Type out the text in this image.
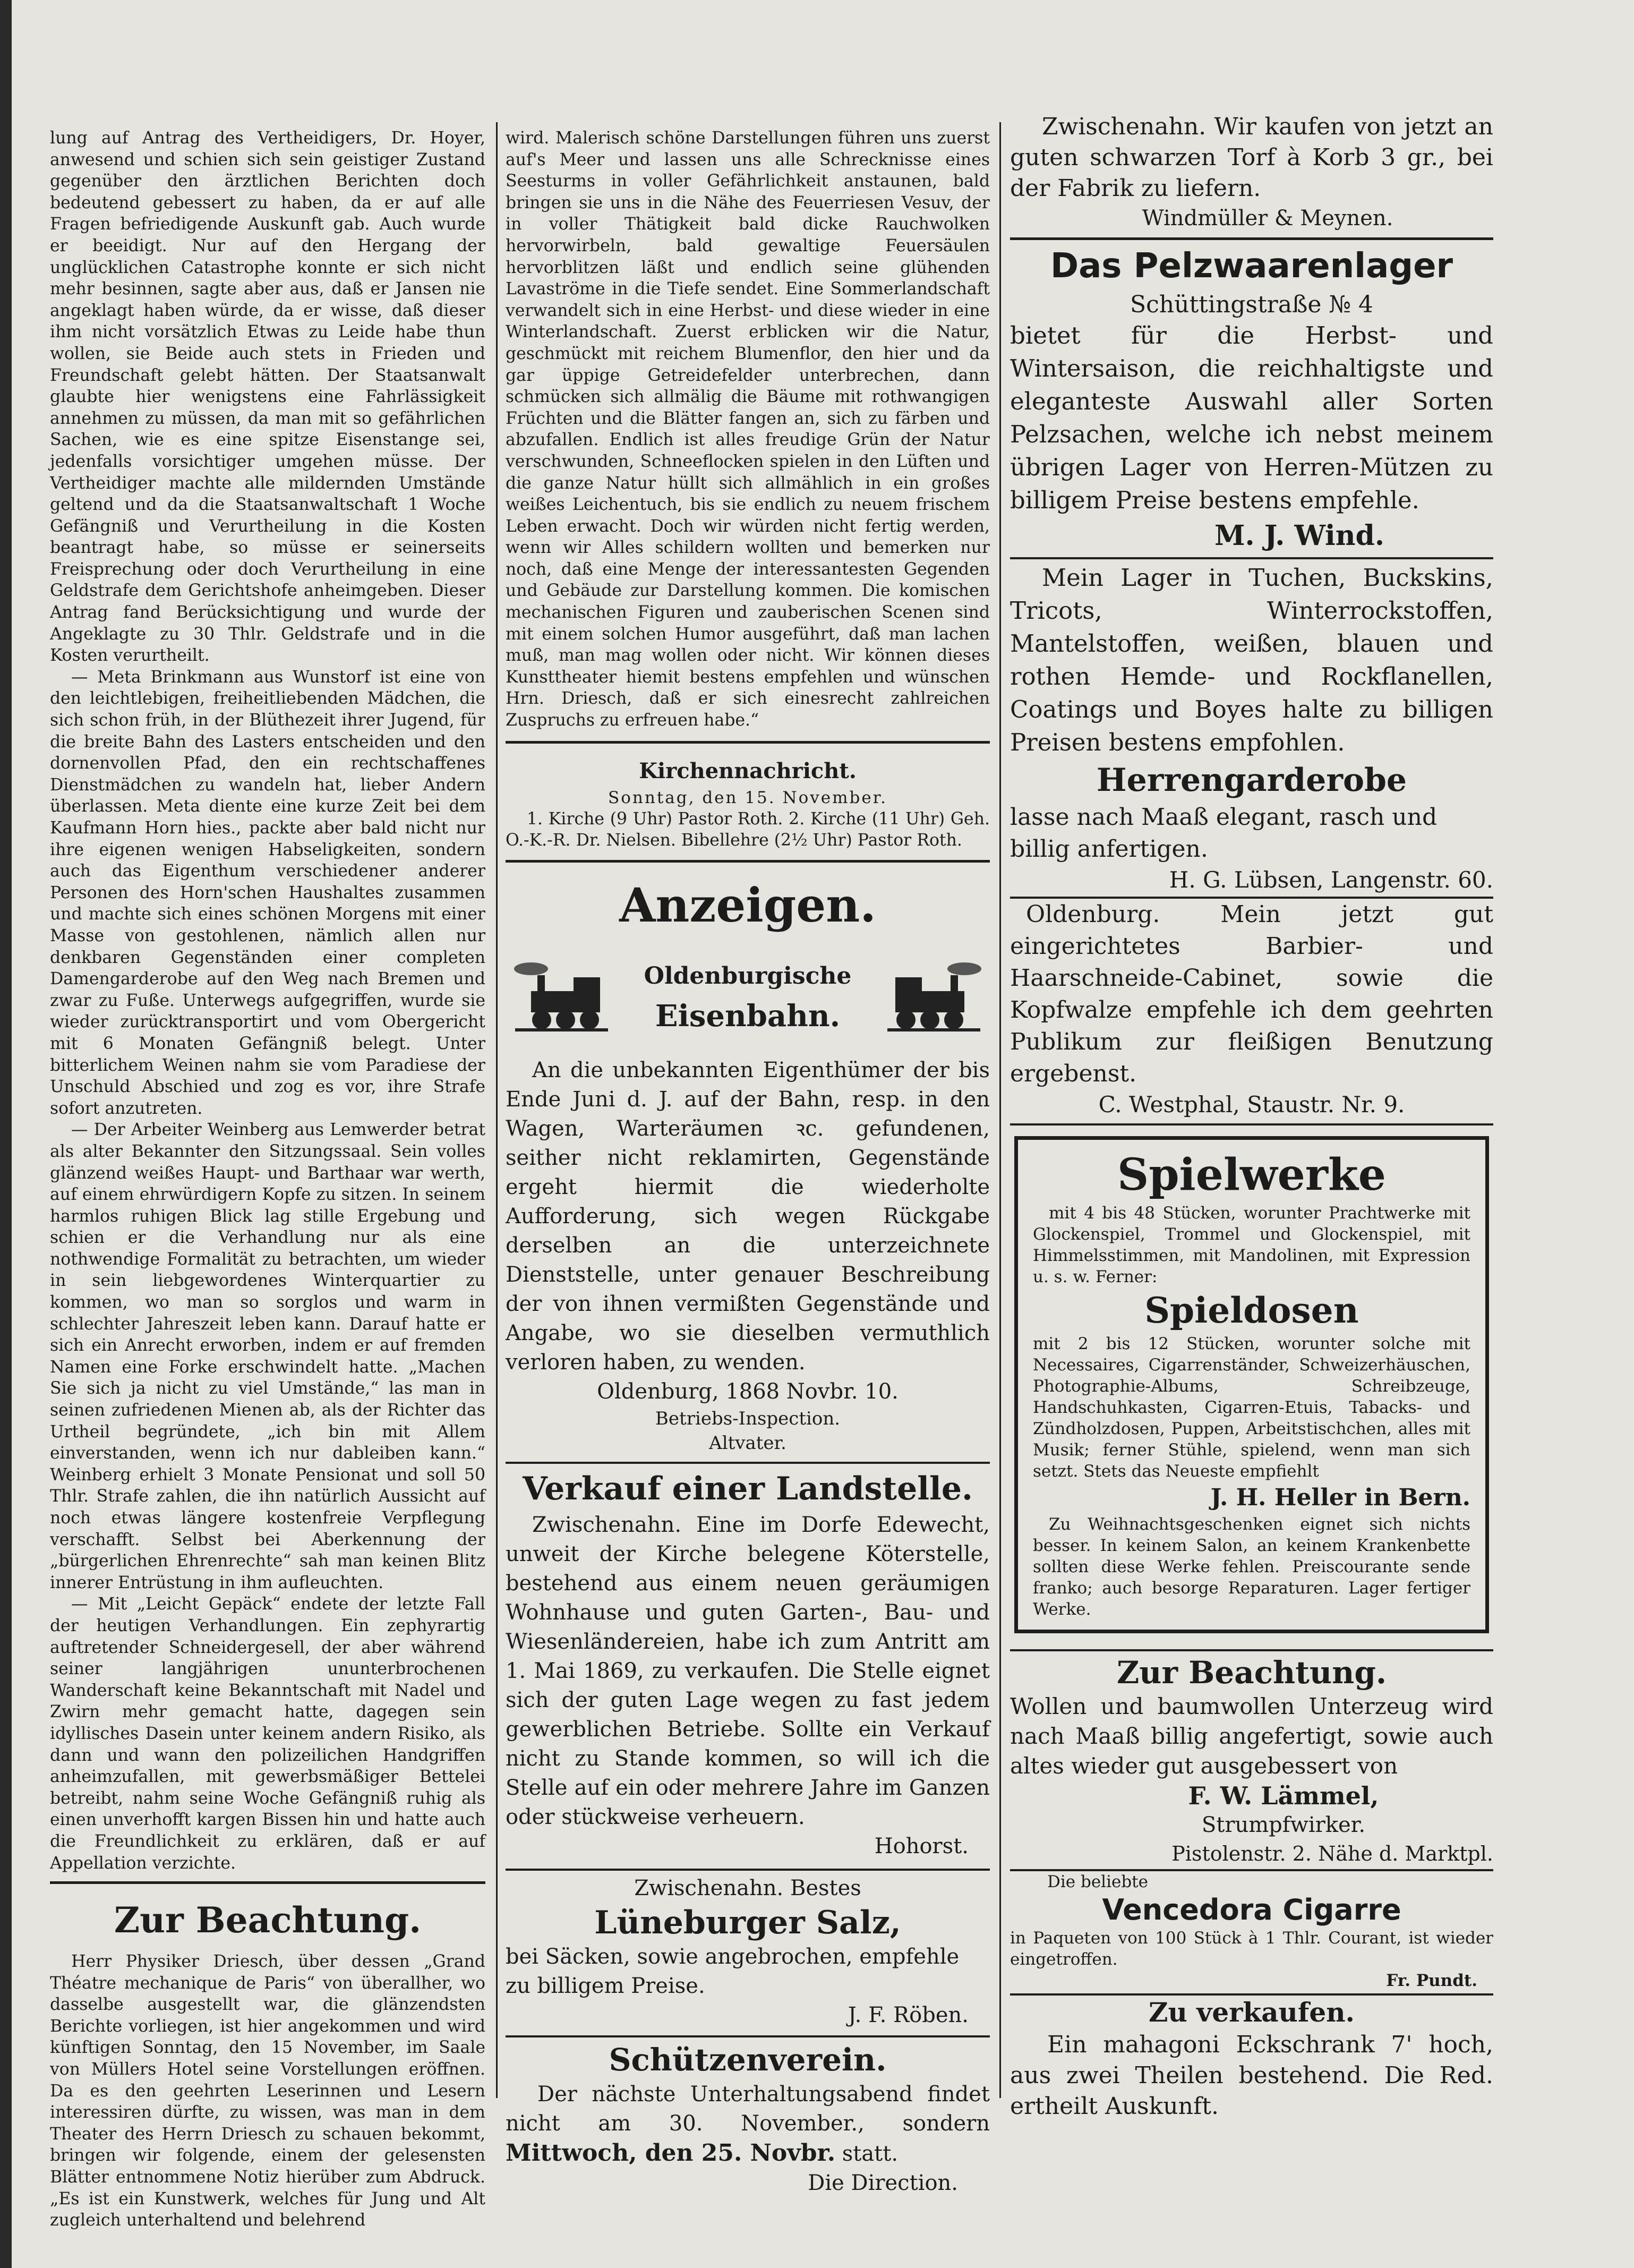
lung auf Antrag des Vertheidigers, Dr. Hoyer, anwesend und schien sich sein geistiger Zustand gegenüber den ärztlichen Berichten doch bedeutend gebessert zu haben, da er auf alle Fragen befriedigende Auskunft gab. Auch wurde er beeidigt. Nur auf den Hergang der unglücklichen Catastrophe konnte er sich nicht mehr besinnen, sagte aber aus, daß er Jansen nie angeklagt haben würde, da er wisse, daß dieser ihm nicht vorsätzlich Etwas zu Leide habe thun wollen, sie Beide auch stets in Frieden und Freundschaft gelebt hätten. Der Staatsanwalt glaubte hier wenigstens eine Fahrlässigkeit annehmen zu müssen, da man mit so gefährlichen Sachen, wie es eine spitze Eisenstange sei, jedenfalls vorsichtiger umgehen müsse. Der Vertheidiger machte alle mildernden Umstände geltend und da die Staatsanwaltschaft 1 Woche Gefängniß und Verurtheilung in die Kosten beantragt habe, so müsse er seinerseits Freisprechung oder doch Verurtheilung in eine Geldstrafe dem Gerichtshofe anheimgeben. Dieser Antrag fand Berücksichtigung und wurde der Angeklagte zu 30 Thlr. Geldstrafe und in die Kosten verurtheilt.

— Meta Brinkmann aus Wunstorf ist eine von den leichtlebigen, freiheitliebenden Mädchen, die sich schon früh, in der Blüthezeit ihrer Jugend, für die breite Bahn des Lasters entscheiden und den dornenvollen Pfad, den ein rechtschaffenes Dienstmädchen zu wandeln hat, lieber Andern überlassen. Meta diente eine kurze Zeit bei dem Kaufmann Horn hies., packte aber bald nicht nur ihre eigenen wenigen Habseligkeiten, sondern auch das Eigenthum verschiedener anderer Personen des Horn'schen Haushaltes zusammen und machte sich eines schönen Morgens mit einer Masse von gestohlenen, nämlich allen nur denkbaren Gegenständen einer completen Damengarderobe auf den Weg nach Bremen und zwar zu Fuße. Unterwegs aufgegriffen, wurde sie wieder zurücktransportirt und vom Obergericht mit 6 Monaten Gefängniß belegt. Unter bitterlichem Weinen nahm sie vom Paradiese der Unschuld Abschied und zog es vor, ihre Strafe sofort anzutreten.

— Der Arbeiter Weinberg aus Lemwerder betrat als alter Bekannter den Sitzungssaal. Sein volles glänzend weißes Haupt- und Barthaar war werth, auf einem ehrwürdigern Kopfe zu sitzen. In seinem harmlos ruhigen Blick lag stille Ergebung und schien er die Verhandlung nur als eine nothwendige Formalität zu betrachten, um wieder in sein liebgewordenes Winterquartier zu kommen, wo man so sorglos und warm in schlechter Jahreszeit leben kann. Darauf hatte er sich ein Anrecht erworben, indem er auf fremden Namen eine Forke erschwindelt hatte. „Machen Sie sich ja nicht zu viel Umstände,“ las man in seinen zufriedenen Mienen ab, als der Richter das Urtheil begründete, „ich bin mit Allem einverstanden, wenn ich nur dableiben kann.“ Weinberg erhielt 3 Monate Pensionat und soll 50 Thlr. Strafe zahlen, die ihn natürlich Aussicht auf noch etwas längere kostenfreie Verpflegung verschafft. Selbst bei Aberkennung der „bürgerlichen Ehrenrechte“ sah man keinen Blitz innerer Entrüstung in ihm aufleuchten.

— Mit „Leicht Gepäck“ endete der letzte Fall der heutigen Verhandlungen. Ein zephyrartig auftretender Schneidergesell, der aber während seiner langjährigen ununterbrochenen Wanderschaft keine Bekanntschaft mit Nadel und Zwirn mehr gemacht hatte, dagegen sein idyllisches Dasein unter keinem andern Risiko, als dann und wann den polizeilichen Handgriffen anheimzufallen, mit gewerbsmäßiger Bettelei betreibt, nahm seine Woche Gefängniß ruhig als einen unverhofft kargen Bissen hin und hatte auch die Freundlichkeit zu erklären, daß er auf Appellation verzichte.

Zur Beachtung.
Herr Physiker Driesch, über dessen „Grand Théatre mechanique de Paris“ von überallher, wo dasselbe ausgestellt war, die glänzendsten Berichte vorliegen, ist hier angekommen und wird künftigen Sonntag, den 15 November, im Saale von Müllers Hotel seine Vorstellungen eröffnen. Da es den geehrten Leserinnen und Lesern interessiren dürfte, zu wissen, was man in dem Theater des Herrn Driesch zu schauen bekommt, bringen wir folgende, einem der gelesensten Blätter entnommene Notiz hierüber zum Abdruck. „Es ist ein Kunstwerk, welches für Jung und Alt zugleich unterhaltend und belehrend
wird. Malerisch schöne Darstellungen führen uns zuerst auf's Meer und lassen uns alle Schrecknisse eines Seesturms in voller Gefährlichkeit anstaunen, bald bringen sie uns in die Nähe des Feuerriesen Vesuv, der in voller Thätigkeit bald dicke Rauchwolken hervorwirbeln, bald gewaltige Feuersäulen hervorblitzen läßt und endlich seine glühenden Lavaströme in die Tiefe sendet. Eine Sommerlandschaft verwandelt sich in eine Herbst- und diese wieder in eine Winterlandschaft. Zuerst erblicken wir die Natur, geschmückt mit reichem Blumenflor, den hier und da gar üppige Getreidefelder unterbrechen, dann schmücken sich allmälig die Bäume mit rothwangigen Früchten und die Blätter fangen an, sich zu färben und abzufallen. Endlich ist alles freudige Grün der Natur verschwunden, Schneeflocken spielen in den Lüften und die ganze Natur hüllt sich allmählich in ein großes weißes Leichentuch, bis sie endlich zu neuem frischem Leben erwacht. Doch wir würden nicht fertig werden, wenn wir Alles schildern wollten und bemerken nur noch, daß eine Menge der interessantesten Gegenden und Gebäude zur Darstellung kommen. Die komischen mechanischen Figuren und zauberischen Scenen sind mit einem solchen Humor ausgeführt, daß man lachen muß, man mag wollen oder nicht. Wir können dieses Kunsttheater hiemit bestens empfehlen und wünschen Hrn. Driesch, daß er sich einesrecht zahlreichen Zuspruchs zu erfreuen habe.“
Kirchennachricht.
Sonntag, den 15. November.
1. Kirche (9 Uhr) Pastor Roth. 2. Kirche (11 Uhr) Geh. O.-K.-R. Dr. Nielsen. Bibellehre (2½ Uhr) Pastor Roth.
Anzeigen.
Oldenburgische
Eisenbahn.
An die unbekannten Eigenthümer der bis Ende Juni d. J. auf der Bahn, resp. in den Wagen, Warteräumen ꝛc. gefundenen, seither nicht reklamirten, Gegenstände ergeht hiermit die wiederholte Aufforderung, sich wegen Rückgabe derselben an die unterzeichnete Dienststelle, unter genauer Beschreibung der von ihnen vermißten Gegenstände und Angabe, wo sie dieselben vermuthlich verloren haben, zu wenden.
Oldenburg, 1868 Novbr. 10.
Betriebs-Inspection.
Altvater.
Verkauf einer Landstelle.
Zwischenahn. Eine im Dorfe Edewecht, unweit der Kirche belegene Köterstelle, bestehend aus einem neuen geräumigen Wohnhause und guten Garten-, Bau- und Wiesenländereien, habe ich zum Antritt am 1. Mai 1869, zu verkaufen. Die Stelle eignet sich der guten Lage wegen zu fast jedem gewerblichen Betriebe. Sollte ein Verkauf nicht zu Stande kommen, so will ich die Stelle auf ein oder mehrere Jahre im Ganzen oder stückweise verheuern.
Hohorst.
Zwischenahn. Bestes
Lüneburger Salz,
bei Säcken, sowie angebrochen, empfehle zu billigem Preise.
J. F. Röben.
Schützenverein.
Der nächste Unterhaltungsabend findet nicht am 30. November., sondern Mittwoch, den 25. Novbr. statt.
Die Direction.
Zwischenahn. Wir kaufen von jetzt an guten schwarzen Torf à Korb 3 gr., bei der Fabrik zu liefern.
Windmüller & Meynen.
Das Pelzwaarenlager
Schüttingstraße № 4
bietet für die Herbst- und Wintersaison, die reichhaltigste und eleganteste Auswahl aller Sorten Pelzsachen, welche ich nebst meinem übrigen Lager von Herren-Mützen zu billigem Preise bestens empfehle.
M. J. Wind.
Mein Lager in Tuchen, Buckskins, Tricots, Winterrockstoffen, Mantelstoffen, weißen, blauen und rothen Hemde- und Rockflanellen, Coatings und Boyes halte zu billigen Preisen bestens empfohlen.
Herrengarderobe
lasse nach Maaß elegant, rasch und billig anfertigen.
H. G. Lübsen, Langenstr. 60.
Oldenburg. Mein jetzt gut eingerichtetes Barbier- und Haarschneide-Cabinet, sowie die Kopfwalze empfehle ich dem geehrten Publikum zur fleißigen Benutzung ergebenst.
C. Westphal, Staustr. Nr. 9.
Spielwerke
mit 4 bis 48 Stücken, worunter Prachtwerke mit Glockenspiel, Trommel und Glockenspiel, mit Himmelsstimmen, mit Mandolinen, mit Expression u. s. w. Ferner:
Spieldosen
mit 2 bis 12 Stücken, worunter solche mit Necessaires, Cigarrenständer, Schweizerhäuschen, Photographie-Albums, Schreibzeuge, Handschuhkasten, Cigarren-Etuis, Tabacks- und Zündholzdosen, Puppen, Arbeitstischchen, alles mit Musik; ferner Stühle, spielend, wenn man sich setzt. Stets das Neueste empfiehlt
J. H. Heller in Bern.
Zu Weihnachtsgeschenken eignet sich nichts besser. In keinem Salon, an keinem Krankenbette sollten diese Werke fehlen. Preiscourante sende franko; auch besorge Reparaturen. Lager fertiger Werke.
Zur Beachtung.
Wollen und baumwollen Unterzeug wird nach Maaß billig angefertigt, sowie auch altes wieder gut ausgebessert von
F. W. Lämmel,
Strumpfwirker.
Pistolenstr. 2. Nähe d. Marktpl.
Die beliebte
Vencedora Cigarre
in Paqueten von 100 Stück à 1 Thlr. Courant, ist wieder eingetroffen.
Fr. Pundt.
Zu verkaufen.
Ein mahagoni Eckschrank 7' hoch, aus zwei Theilen bestehend. Die Red. ertheilt Auskunft.
